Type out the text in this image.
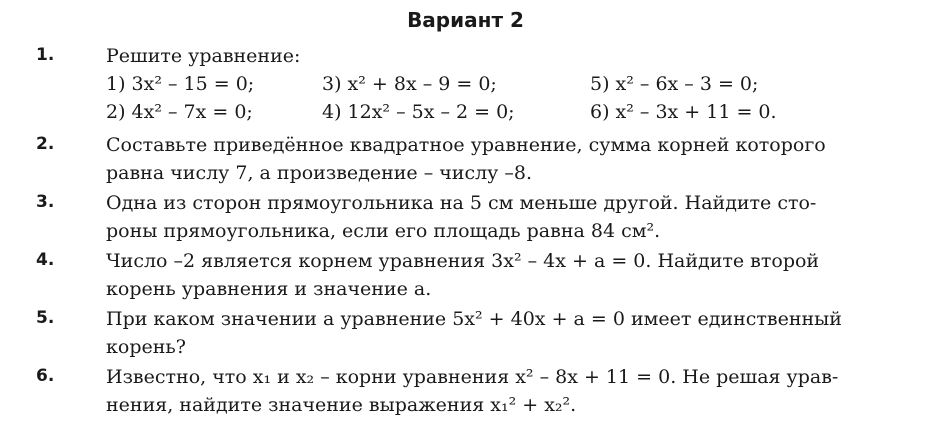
Вариант 2
1.	Решите уравнение:
1) 3x² – 15 = 0;	3) x² + 8x – 9 = 0;	5) x² – 6x – 3 = 0;
2) 4x² – 7x = 0;	4) 12x² – 5x – 2 = 0;	6) x² – 3x + 11 = 0.
2.	Составьте приведённое квадратное уравнение, сумма корней которого
равна числу 7, а произведение – числу –8.
3.	Одна из сторон прямоугольника на 5 см меньше другой. Найдите сто-
роны прямоугольника, если его площадь равна 84 см².
4.	Число –2 является корнем уравнения 3x² – 4x + a = 0. Найдите второй
корень уравнения и значение a.
5.	При каком значении a уравнение 5x² + 40x + a = 0 имеет единственный
корень?
6.	Известно, что x₁ и x₂ – корни уравнения x² – 8x + 11 = 0. Не решая урав-
нения, найдите значение выражения x₁² + x₂².
